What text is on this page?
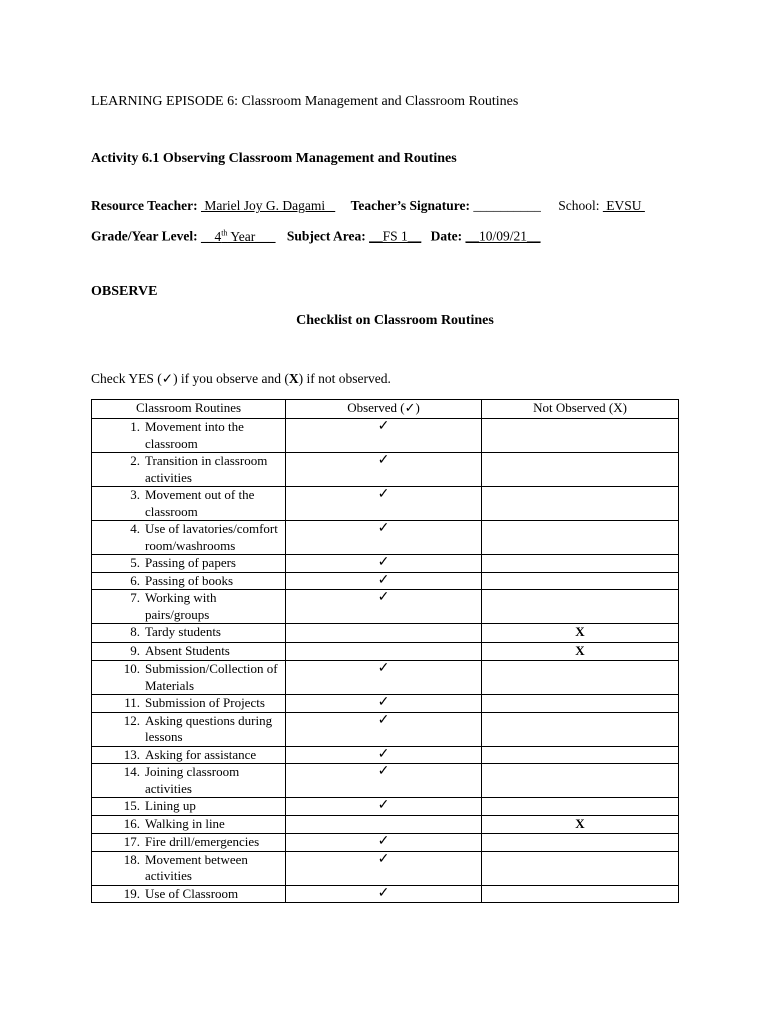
LEARNING EPISODE 6: Classroom Management and Classroom Routines
Activity 6.1 Observing Classroom Management and Routines
Resource Teacher:  Mariel Joy G. Dagami    Teacher’s Signature: __________ School:  EVSU
Grade/Year Level: __4th Year___ Subject Area: __FS 1__ Date: __10/09/21__
OBSERVE
Checklist on Classroom Routines
Check YES (✓) if you observe and (X) if not observed.
Classroom Routines	Observed (✓)	Not Observed (X)
1. Movement into the classroom	✓	
2. Transition in classroom activities	✓	
3. Movement out of the classroom	✓	
4. Use of lavatories/comfort room/washrooms	✓	
5. Passing of papers	✓	
6. Passing of books	✓	
7. Working with pairs/groups	✓	
8. Tardy students		X
9. Absent Students		X
10. Submission/Collection of Materials	✓	
11. Submission of Projects	✓	
12. Asking questions during lessons	✓	
13. Asking for assistance	✓	
14. Joining classroom activities	✓	
15. Lining up	✓	
16. Walking in line		X
17. Fire drill/emergencies	✓	
18. Movement between activities	✓	
19. Use of Classroom	✓	
